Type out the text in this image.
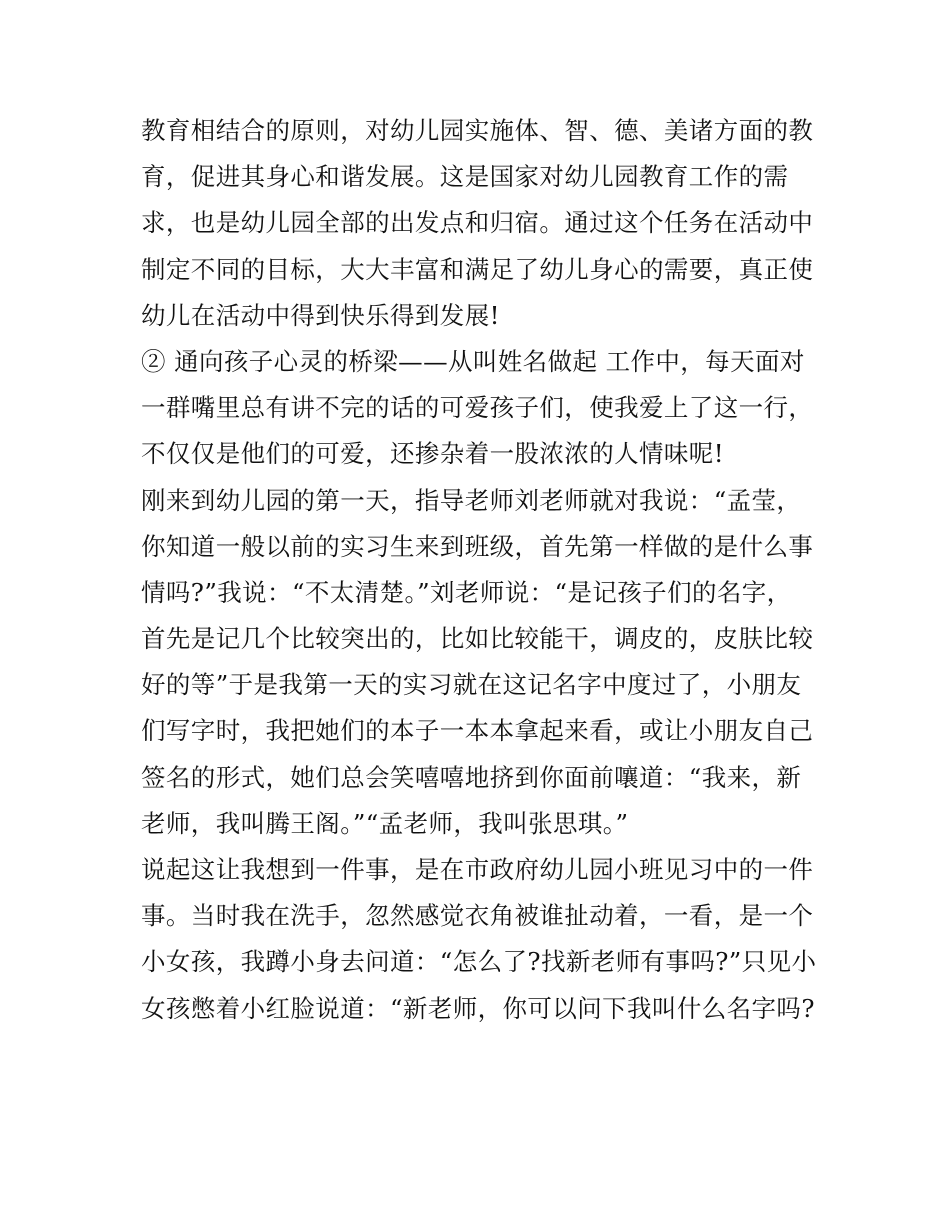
教育相结合的原则，对幼儿园实施体、智、德、美诸方面的教
育，促进其身心和谐发展。这是国家对幼儿园教育工作的需
求，也是幼儿园全部的出发点和归宿。通过这个任务在活动中
制定不同的目标，大大丰富和满足了幼儿身心的需要，真正使
幼儿在活动中得到快乐得到发展!
② 通向孩子心灵的桥梁——从叫姓名做起 工作中，每天面对
一群嘴里总有讲不完的话的可爱孩子们，使我爱上了这一行，
不仅仅是他们的可爱，还掺杂着一股浓浓的人情味呢!
刚来到幼儿园的第一天，指导老师刘老师就对我说：“孟莹，
你知道一般以前的实习生来到班级，首先第一样做的是什么事
情吗?”我说：“不太清楚。”刘老师说：“是记孩子们的名字，
首先是记几个比较突出的，比如比较能干，调皮的，皮肤比较
好的等”于是我第一天的实习就在这记名字中度过了，小朋友
们写字时，我把她们的本子一本本拿起来看，或让小朋友自己
签名的形式，她们总会笑嘻嘻地挤到你面前嚷道：“我来，新
老师，我叫腾王阁。”“孟老师，我叫张思琪。”
说起这让我想到一件事，是在市政府幼儿园小班见习中的一件
事。当时我在洗手，忽然感觉衣角被谁扯动着，一看，是一个
小女孩，我蹲小身去问道：“怎么了?找新老师有事吗?”只见小
女孩憋着小红脸说道：“新老师，你可以问下我叫什么名字吗?
